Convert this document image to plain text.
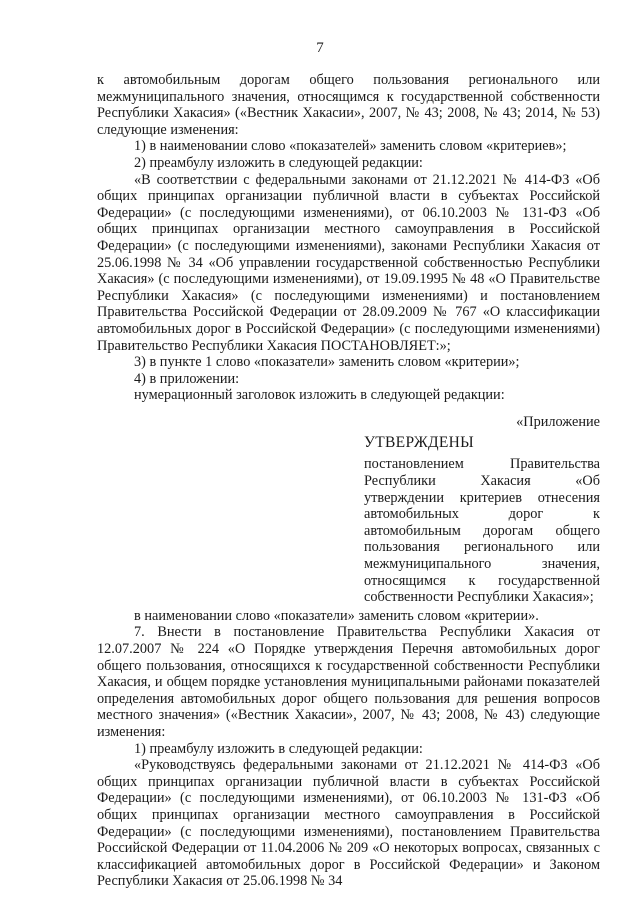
7

к автомобильным дорогам общего пользования регионального или межмуниципального значения, относящимся к государственной собственности Республики Хакасия» («Вестник Хакасии», 2007, № 43; 2008, № 43; 2014, № 53) следующие изменения:

1) в наименовании слово «показателей» заменить словом «критериев»;

2) преамбулу изложить в следующей редакции:

«В соответствии с федеральными законами от 21.12.2021 № 414-ФЗ «Об общих принципах организации публичной власти в субъектах Российской Федерации» (с последующими изменениями), от 06.10.2003 № 131-ФЗ «Об общих принципах организации местного самоуправления в Российской Федерации» (с последующими изменениями), законами Республики Хакасия от 25.06.1998 № 34 «Об управлении государственной собственностью Республики Хакасия» (с последующими изменениями), от 19.09.1995 № 48 «О Правительстве Республики Хакасия» (с последующими изменениями) и постановлением Правительства Российской Федерации от 28.09.2009 № 767 «О классификации автомобильных дорог в Российской Федерации» (с последующими изменениями) Правительство Республики Хакасия ПОСТАНОВЛЯЕТ:»;

3) в пункте 1 слово «показатели» заменить словом «критерии»;

4) в приложении:

нумерационный заголовок изложить в следующей редакции:

«Приложение

УТВЕРЖДЕНЫ

постановлением Правительства Республики Хакасия «Об утверждении критериев отнесения автомобильных дорог к автомобильным дорогам общего пользования регионального или межмуниципального значения, относящимся к государственной собственности Республики Хакасия»;

в наименовании слово «показатели» заменить словом «критерии».

7. Внести в постановление Правительства Республики Хакасия от 12.07.2007 № 224 «О Порядке утверждения Перечня автомобильных дорог общего пользования, относящихся к государственной собственности Республики Хакасия, и общем порядке установления муниципальными районами показателей определения автомобильных дорог общего пользования для решения вопросов местного значения» («Вестник Хакасии», 2007, № 43; 2008, № 43) следующие изменения:

1) преамбулу изложить в следующей редакции:

«Руководствуясь федеральными законами от 21.12.2021 № 414-ФЗ «Об общих принципах организации публичной власти в субъектах Российской Федерации» (с последующими изменениями), от 06.10.2003 № 131-ФЗ «Об общих принципах организации местного самоуправления в Российской Федерации» (с последующими изменениями), постановлением Правительства Российской Федерации от 11.04.2006 № 209 «О некоторых вопросах, связанных с классификацией автомобильных дорог в Российской Федерации» и Законом Республики Хакасия от 25.06.1998 № 34
